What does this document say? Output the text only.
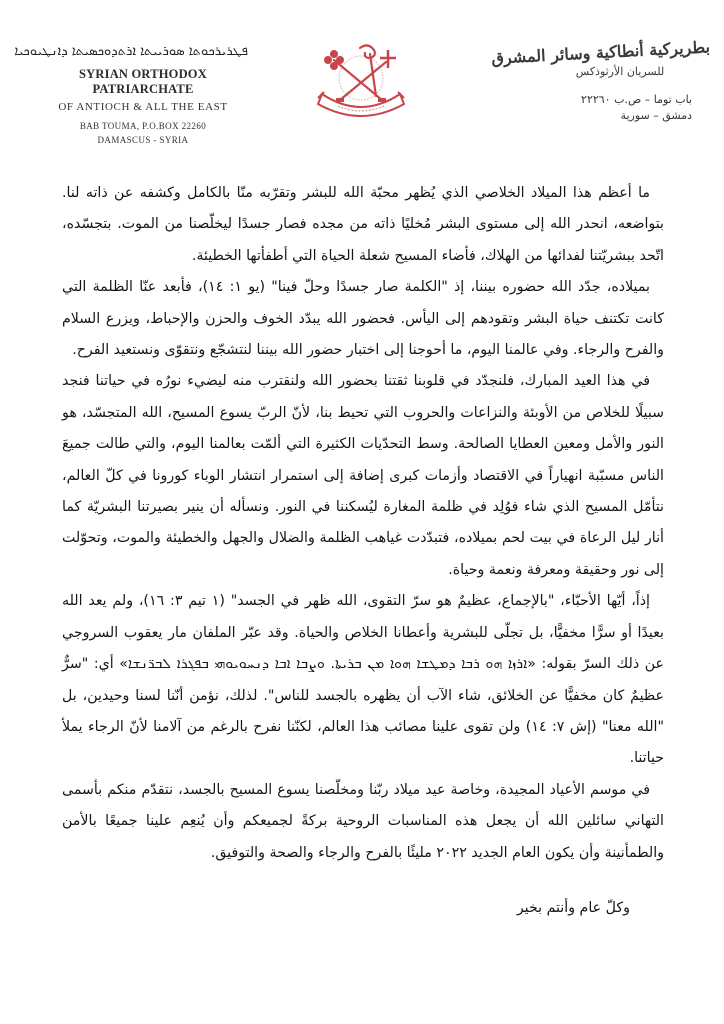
ܦܛܪܝܪܟܘܬܐ ܣܘܪܝܝܬܐ ܐܪܬܕܘܟܣܝܬܐ ܕܐܢܛܝܘܟܝܐ
SYRIAN ORTHODOX PATRIARCHATE
OF ANTIOCH & ALL THE EAST
BAB TOUMA, P.O.BOX 22260
DAMASCUS - SYRIA
بطريركية أنطاكية وسائر المشرق
للسريان الأرثوذكس
باب توما – ص.ب ٢٢٢٦٠
دمشق – سورية

ما أعظم هذا الميلاد الخلاصي الذي يُظهر محبّة الله للبشر وتقرّبه منّا بالكامل وكشفه عن ذاته لنا. بتواضعه، انحدر الله إلى مستوى البشر مُخليًا ذاته من مجده فصار جسدًا ليخلّصنا من الموت. بتجسّده، اتّحد ببشريّتنا لفدائها من الهلاك، فأضاء المسيح شعلة الحياة التي أطفأتها الخطيئة.

بميلاده، جدّد الله حضوره بيننا، إذ "الكلمة صار جسدًا وحلّ فينا" (يو ١: ١٤)، فأبعد عنّا الظلمة التي كانت تكتنف حياة البشر وتقودهم إلى اليأس. فحضور الله يبدّد الخوف والحزن والإحباط، ويزرع السلام والفرح والرجاء. وفي عالمنا اليوم، ما أحوجنا إلى اختبار حضور الله بيننا لنتشجّع ونتقوّى ونستعيد الفرح.

في هذا العيد المبارك، فلنجدّد في قلوبنا ثقتنا بحضور الله ولنقترب منه ليضيء نورُه في حياتنا فنجد سبيلًا للخلاص من الأوبئة والنزاعات والحروب التي تحيط بنا، لأنّ الربّ يسوع المسيح، الله المتجسّد، هو النور والأمل ومعين العطايا الصالحة. وسط التحدّيات الكثيرة التي ألمّت بعالمنا اليوم، والتي طالت جميعَ الناس مسبّبة انهياراً في الاقتصاد وأزمات كبرى إضافة إلى استمرار انتشار الوباء كورونا في كلّ العالم، نتأمّل المسيح الذي شاء فوُلِد في ظلمة المغارة ليُسكننا في النور. ونسأله أن ينير بصيرتنا البشريّة كما أنار ليل الرعاة في بيت لحم بميلاده، فتبدّدت غياهب الظلمة والضلال والجهل والخطيئة والموت، وتحوّلت إلى نور وحقيقة ومعرفة ونعمة وحياة.

إذاً، أيّها الأحبّاء، "بالإجماع، عظيمٌ هو سرّ التقوى، الله ظهر في الجسد" (١ تيم ٣: ١٦)، ولم يعد الله بعيدًا أو سرًّا مخفيًّا، بل تجلّى للبشرية وأعطانا الخلاص والحياة. وقد عبّر الملفان مار يعقوب السروجي عن ذلك السرّ بقوله: «ܐܪܙܐ ܗܘ ܪܒܐ ܕܡܛܫܐ ܗܘܐ ܡܢ ܒܪܝܬܐ. ܘܨܒܐ ܐܒܐ ܕܢܚܘܝܘܗܝ ܒܦܓܪܐ ܠܒܪ̈ܢܫܐ» أي: "سرٌّ عظيمٌ كان مخفيًّا عن الخلائق، شاء الآب أن يظهره بالجسد للناس". لذلك، نؤمن أنّنا لسنا وحيدين، بل "الله معنا" (إش ٧: ١٤) ولن تقوى علينا مصائب هذا العالم، لكنّنا نفرح بالرغم من آلامنا لأنّ الرجاء يملأ حياتنا.

في موسم الأعياد المجيدة، وخاصة عيد ميلاد ربّنا ومخلّصنا يسوع المسيح بالجسد، نتقدّم منكم بأسمى التهاني سائلين الله أن يجعل هذه المناسبات الروحية بركةً لجميعكم وأن يُنعِم علينا جميعًا بالأمن والطمأنينة وأن يكون العام الجديد ٢٠٢٢ مليئًا بالفرح والرجاء والصحة والتوفيق.

وكلّ عام وأنتم بخير
